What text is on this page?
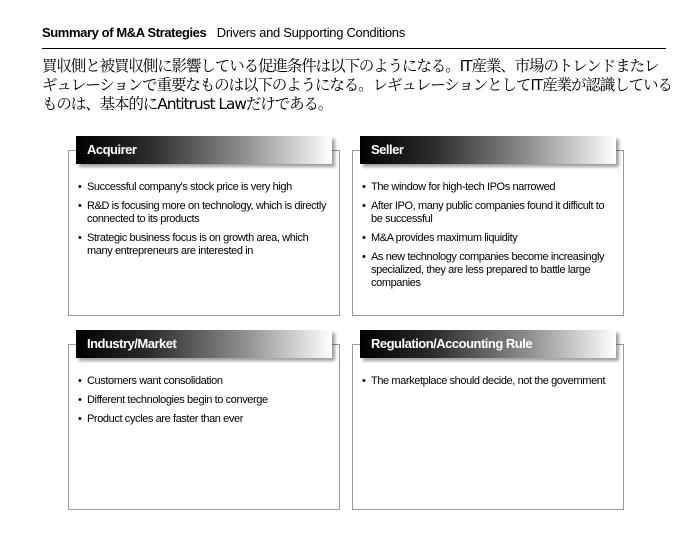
Summary of M&A Strategies Drivers and Supporting Conditions

買収側と被買収側に影響している促進条件は以下のようになる。IT産業、市場のトレンドまたレギュレーションで重要なものは以下のようになる。レギュレーションとしてIT産業が認識しているものは、基本的にAntitrust Lawだけである。

Acquirer
• Successful company's stock price is very high
• R&D is focusing more on technology, which is directly connected to its products
• Strategic business focus is on growth area, which many entrepreneurs are interested in
Seller
• The window for high-tech IPOs narrowed
• After IPO, many public companies found it difficult to be successful
• M&A provides maximum liquidity
• As new technology companies become increasingly specialized, they are less prepared to battle large companies
Industry/Market
• Customers want consolidation
• Different technologies begin to converge
• Product cycles are faster than ever
Regulation/Accounting Rule
• The marketplace should decide, not the government
